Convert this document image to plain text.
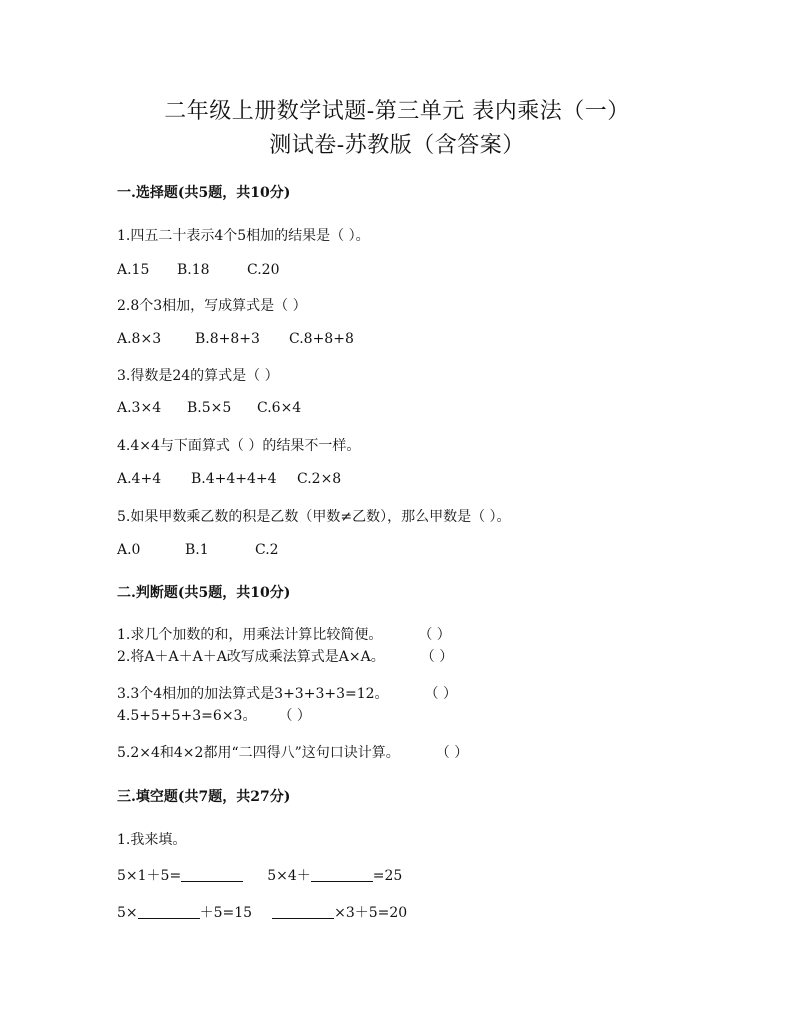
二年级上册数学试题-第三单元 表内乘法（一）
测试卷-苏教版（含答案）
一.选择题(共5题，共10分)
1.四五二十表示4个5相加的结果是（ ）。
A.15 B.18	C.20
2.8个3相加，写成算式是（ ）
A.8×3 B.8+8+3 C.8+8+8
3.得数是24的算式是（ ）
A.3×4 B.5×5 C.6×4
4.4×4与下面算式（ ）的结果不一样。
A.4+4 B.4+4+4+4 C.2×8
5.如果甲数乘乙数的积是乙数（甲数≠乙数），那么甲数是（ ）。
A.0	B.1	C.2
二.判断题(共5题，共10分)
1.求几个加数的和，用乘法计算比较简便。	（ ）
2.将A＋A＋A＋A改写成乘法算式是A×A。	（ ）
3.3个4相加的加法算式是3+3+3+3=12。	（ ）
4.5+5+5+3=6×3。 （ ）
5.2×4和4×2都用“二四得八”这句口诀计算。	（ ）
三.填空题(共7题，共27分)
1.我来填。
5×1＋5=	5×4＋	=25
5×	＋5=15	×3＋5=20
